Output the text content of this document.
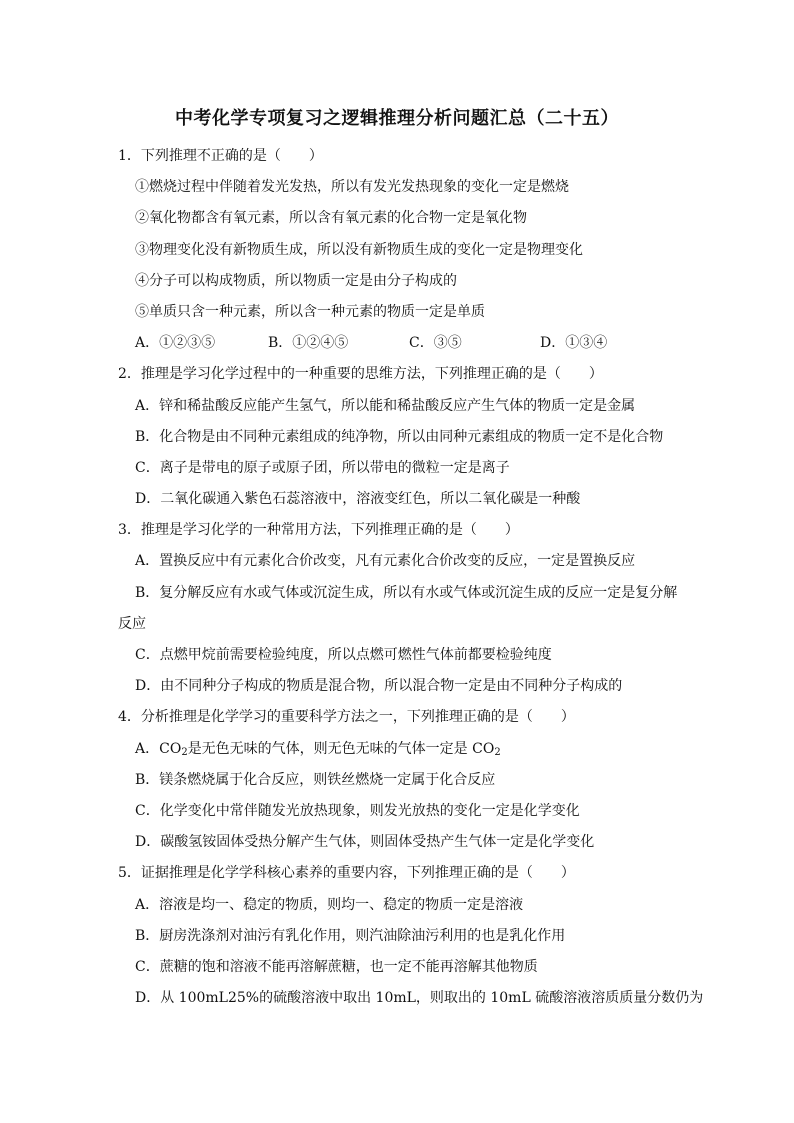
中考化学专项复习之逻辑推理分析问题汇总（二十五）
1．下列推理不正确的是（　　）
①燃烧过程中伴随着发光发热，所以有发光发热现象的变化一定是燃烧
②氧化物都含有氧元素，所以含有氧元素的化合物一定是氧化物
③物理变化没有新物质生成，所以没有新物质生成的变化一定是物理变化
④分子可以构成物质，所以物质一定是由分子构成的
⑤单质只含一种元素，所以含一种元素的物质一定是单质
A．①②③⑤	B．①②④⑤	C．③⑤	D．①③④
2．推理是学习化学过程中的一种重要的思维方法，下列推理正确的是（　　）
A．锌和稀盐酸反应能产生氢气，所以能和稀盐酸反应产生气体的物质一定是金属
B．化合物是由不同种元素组成的纯净物，所以由同种元素组成的物质一定不是化合物
C．离子是带电的原子或原子团，所以带电的微粒一定是离子
D．二氧化碳通入紫色石蕊溶液中，溶液变红色，所以二氧化碳是一种酸
3．推理是学习化学的一种常用方法，下列推理正确的是（　　）
A．置换反应中有元素化合价改变，凡有元素化合价改变的反应，一定是置换反应
B．复分解反应有水或气体或沉淀生成，所以有水或气体或沉淀生成的反应一定是复分解
反应
C．点燃甲烷前需要检验纯度，所以点燃可燃性气体前都要检验纯度
D．由不同种分子构成的物质是混合物，所以混合物一定是由不同种分子构成的
4．分析推理是化学学习的重要科学方法之一，下列推理正确的是（　　）
A．$CO_2$是无色无味的气体，则无色无味的气体一定是 $CO_2$
B．镁条燃烧属于化合反应，则铁丝燃烧一定属于化合反应
C．化学变化中常伴随发光放热现象，则发光放热的变化一定是化学变化
D．碳酸氢铵固体受热分解产生气体，则固体受热产生气体一定是化学变化
5．证据推理是化学学科核心素养的重要内容，下列推理正确的是（　　）
A．溶液是均一、稳定的物质，则均一、稳定的物质一定是溶液
B．厨房洗涤剂对油污有乳化作用，则汽油除油污利用的也是乳化作用
C．蔗糖的饱和溶液不能再溶解蔗糖，也一定不能再溶解其他物质
D．从 100mL25%的硫酸溶液中取出 10mL，则取出的 10mL 硫酸溶液溶质质量分数仍为
